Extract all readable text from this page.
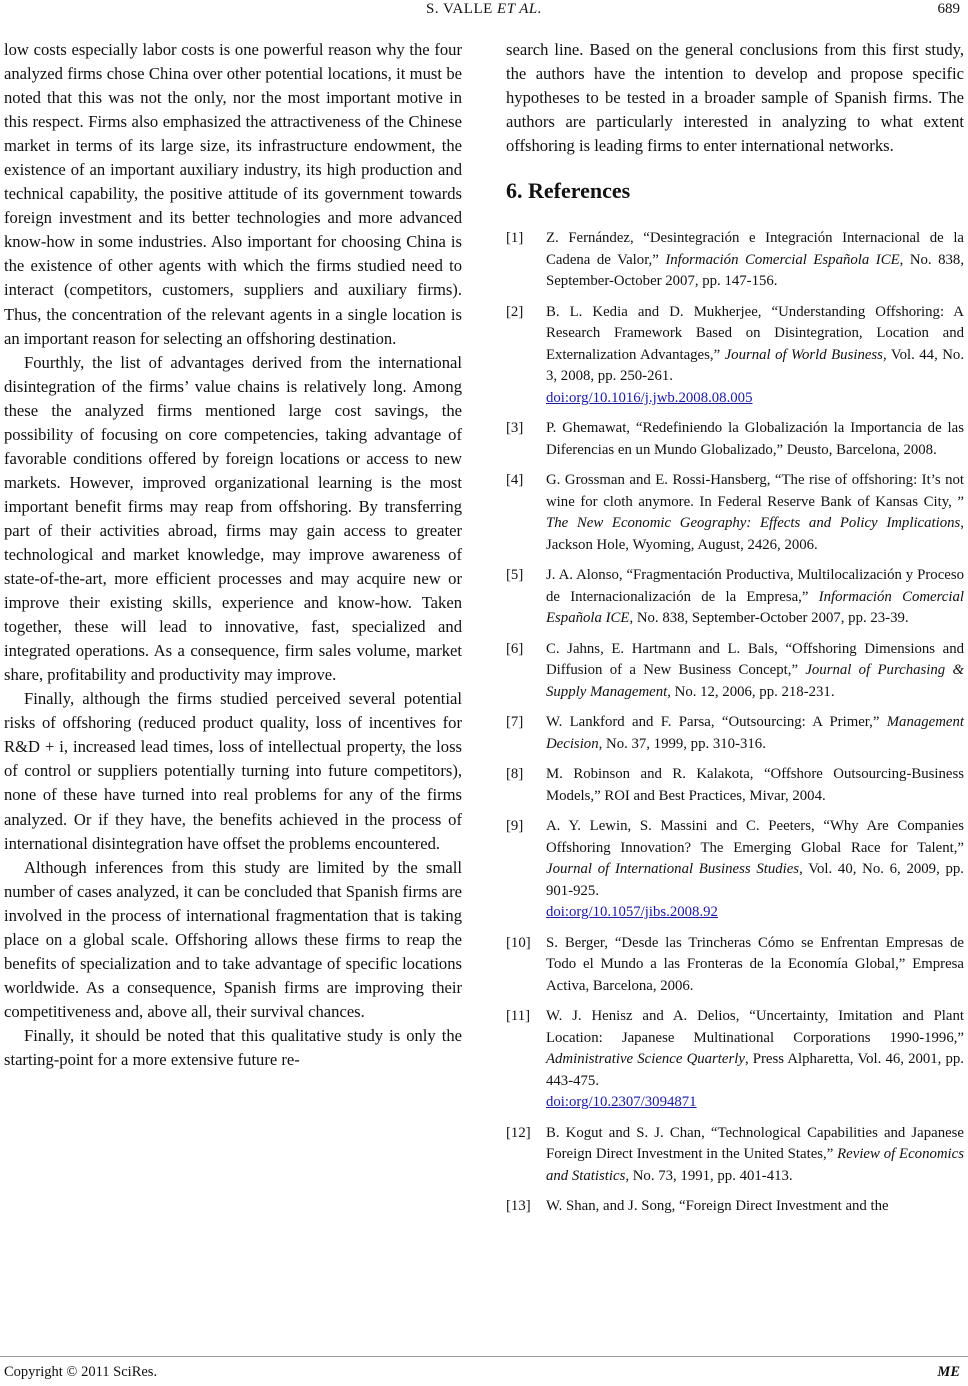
S. VALLE ET AL.	689

low costs especially labor costs is one powerful reason why the four analyzed firms chose China over other potential locations, it must be noted that this was not the only, nor the most important motive in this respect. Firms also emphasized the attractiveness of the Chinese market in terms of its large size, its infrastructure endowment, the existence of an important auxiliary industry, its high production and technical capability, the positive attitude of its government towards foreign investment and its better technologies and more advanced know-how in some industries. Also important for choosing China is the existence of other agents with which the firms studied need to interact (competitors, customers, suppliers and auxiliary firms). Thus, the concentration of the relevant agents in a single location is an important reason for selecting an offshoring destination.

Fourthly, the list of advantages derived from the international disintegration of the firms’ value chains is relatively long. Among these the analyzed firms mentioned large cost savings, the possibility of focusing on core competencies, taking advantage of favorable conditions offered by foreign locations or access to new markets. However, improved organizational learning is the most important benefit firms may reap from offshoring. By transferring part of their activities abroad, firms may gain access to greater technological and market knowledge, may improve awareness of state-of-the-art, more efficient processes and may acquire new or improve their existing skills, experience and know-how. Taken together, these will lead to innovative, fast, specialized and integrated operations. As a consequence, firm sales volume, market share, profitability and productivity may improve.

Finally, although the firms studied perceived several potential risks of offshoring (reduced product quality, loss of incentives for R&D + i, increased lead times, loss of intellectual property, the loss of control or suppliers potentially turning into future competitors), none of these have turned into real problems for any of the firms analyzed. Or if they have, the benefits achieved in the process of international disintegration have offset the problems encountered.

Although inferences from this study are limited by the small number of cases analyzed, it can be concluded that Spanish firms are involved in the process of international fragmentation that is taking place on a global scale. Offshoring allows these firms to reap the benefits of specialization and to take advantage of specific locations worldwide. As a consequence, Spanish firms are improving their competitiveness and, above all, their survival chances.

Finally, it should be noted that this qualitative study is only the starting-point for a more extensive future re-

search line. Based on the general conclusions from this first study, the authors have the intention to develop and propose specific hypotheses to be tested in a broader sample of Spanish firms. The authors are particularly interested in analyzing to what extent offshoring is leading firms to enter international networks.

6. References
[1]	Z. Fernández, “Desintegración e Integración Internacional de la Cadena de Valor,” Información Comercial Española ICE, No. 838, September-October 2007, pp. 147-156.
[2]	B. L. Kedia and D. Mukherjee, “Understanding Offshoring: A Research Framework Based on Disintegration, Location and Externalization Advantages,” Journal of World Business, Vol. 44, No. 3, 2008, pp. 250-261.
doi:org/10.1016/j.jwb.2008.08.005
[3]	P. Ghemawat, “Redefiniendo la Globalización la Importancia de las Diferencias en un Mundo Globalizado,” Deusto, Barcelona, 2008.
[4]	G. Grossman and E. Rossi-Hansberg, “The rise of offshoring: It’s not wine for cloth anymore. In Federal Reserve Bank of Kansas City, ” The New Economic Geography: Effects and Policy Implications, Jackson Hole, Wyoming, August, 2426, 2006.
[5]	J. A. Alonso, “Fragmentación Productiva, Multilocalización y Proceso de Internacionalización de la Empresa,” Información Comercial Española ICE, No. 838, September-October 2007, pp. 23-39.
[6]	C. Jahns, E. Hartmann and L. Bals, “Offshoring Dimensions and Diffusion of a New Business Concept,” Journal of Purchasing & Supply Management, No. 12, 2006, pp. 218-231.
[7]	W. Lankford and F. Parsa, “Outsourcing: A Primer,” Management Decision, No. 37, 1999, pp. 310-316.
[8]	M. Robinson and R. Kalakota, “Offshore Outsourcing-Business Models,” ROI and Best Practices, Mivar, 2004.
[9]	A. Y. Lewin, S. Massini and C. Peeters, “Why Are Companies Offshoring Innovation? The Emerging Global Race for Talent,” Journal of International Business Studies, Vol. 40, No. 6, 2009, pp. 901-925.
doi:org/10.1057/jibs.2008.92
[10]	S. Berger, “Desde las Trincheras Cómo se Enfrentan Empresas de Todo el Mundo a las Fronteras de la Economía Global,” Empresa Activa, Barcelona, 2006.
[11]	W. J. Henisz and A. Delios, “Uncertainty, Imitation and Plant Location: Japanese Multinational Corporations 1990-1996,” Administrative Science Quarterly, Press Alpharetta, Vol. 46, 2001, pp. 443-475.
doi:org/10.2307/3094871
[12]	B. Kogut and S. J. Chan, “Technological Capabilities and Japanese Foreign Direct Investment in the United States,” Review of Economics and Statistics, No. 73, 1991, pp. 401-413.
[13]	W. Shan, and J. Song, “Foreign Direct Investment and the
Copyright © 2011 SciRes.	ME
